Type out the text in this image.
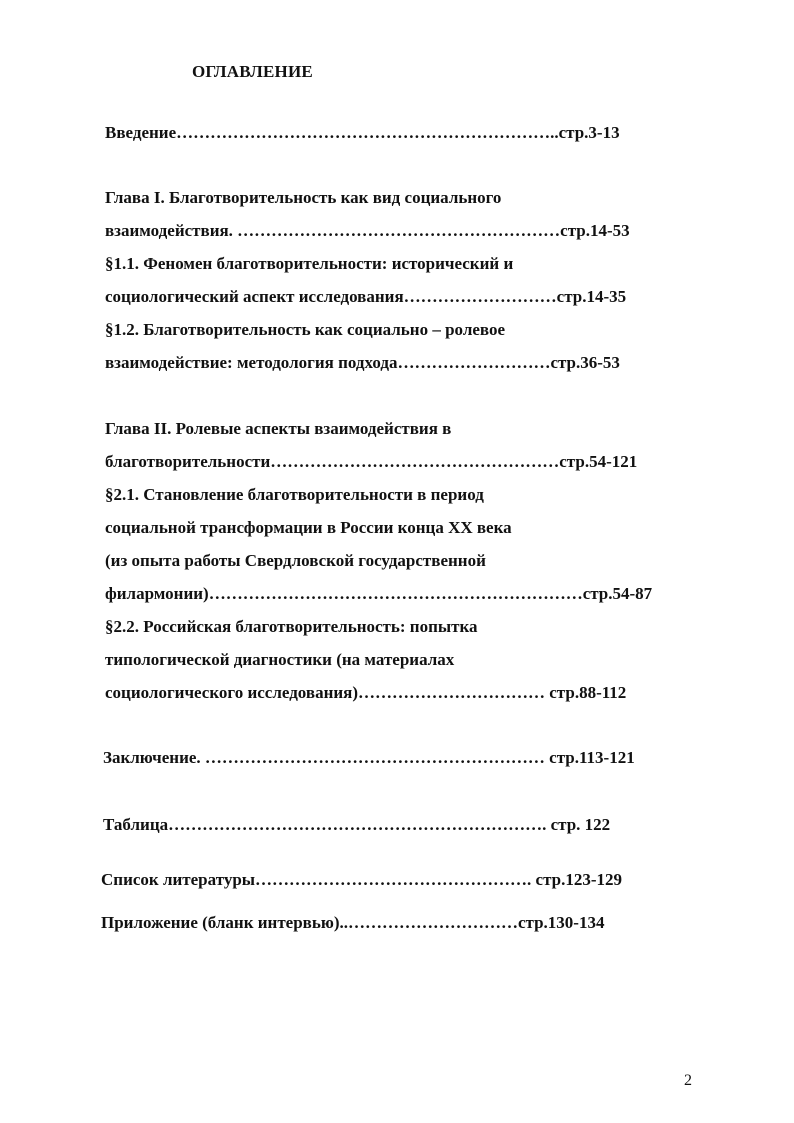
ОГЛАВЛЕНИЕ
Введение…………………………………………………………..стр.3-13
Глава I. Благотворительность как вид социального
взаимодействия. …………………………………………………стр.14-53
§1.1. Феномен благотворительности: исторический и
социологический аспект исследования………………………стр.14-35
§1.2. Благотворительность как социально – ролевое
взаимодействие: методология подхода………………………стр.36-53
Глава II. Ролевые аспекты взаимодействия в
благотворительности……………………………………………стр.54-121
§2.1. Становление благотворительности в период
социальной трансформации в России конца XX века
(из опыта работы Свердловской государственной
филармонии)…………………………………………………………стр.54-87
§2.2. Российская благотворительность: попытка
типологической диагностики (на материалах
социологического исследования)…………………………… стр.88-112
Заключение. …………………………………………………… стр.113-121
Таблица…………………………………………………………. стр. 122
Список литературы…………………………………………. стр.123-129
Приложение (бланк интервью)..…………………………стр.130-134
2
